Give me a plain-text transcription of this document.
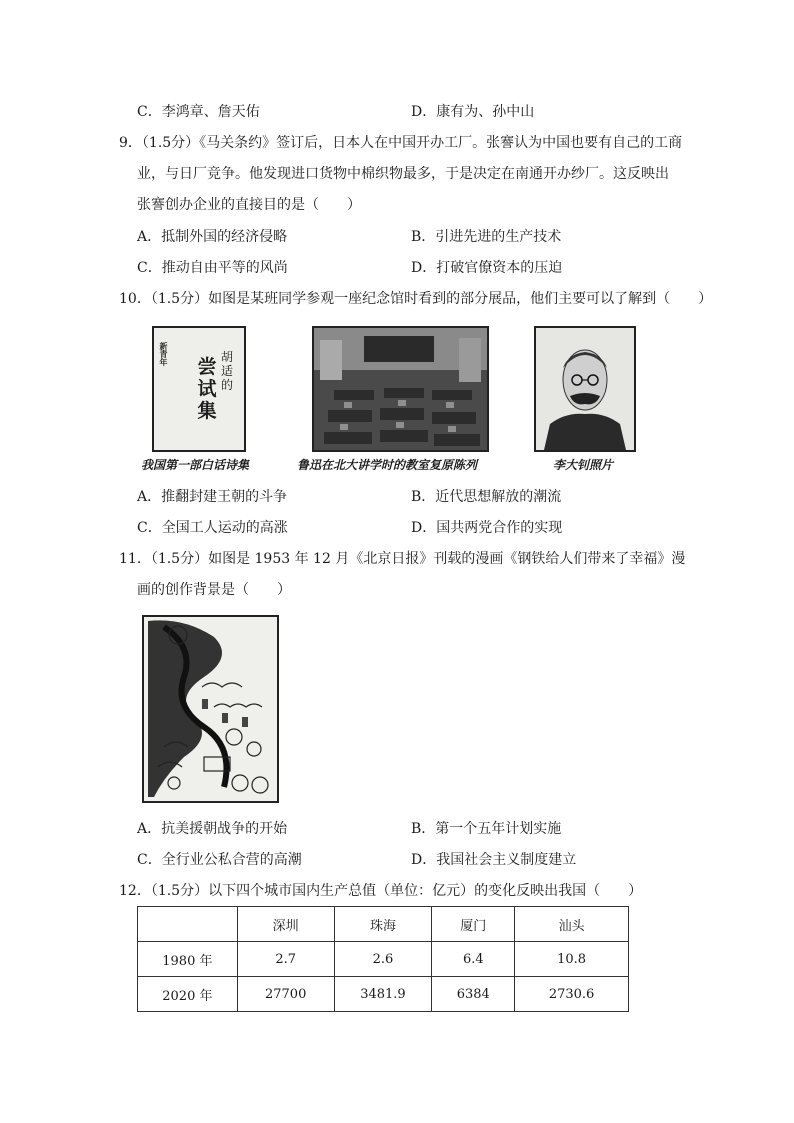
C．李鸿章、詹天佑	D．康有为、孙中山
9．（1.5分）《马关条约》签订后，日本人在中国开办工厂。张謇认为中国也要有自己的工商
业，与日厂竞争。他发现进口货物中棉织物最多，于是决定在南通开办纱厂。这反映出
张謇创办企业的直接目的是（　　）
A．抵制外国的经济侵略	B．引进先进的生产技术
C．推动自由平等的风尚	D．打破官僚资本的压迫
10．（1.5分）如图是某班同学参观一座纪念馆时看到的部分展品，他们主要可以了解到（　　）
新青年
尝试集
胡适的
我国第一部白话诗集	鲁迅在北大讲学时的教室复原陈列	李大钊照片
A．推翻封建王朝的斗争	B．近代思想解放的潮流
C．全国工人运动的高涨	D．国共两党合作的实现
11．（1.5分）如图是 1953 年 12 月《北京日报》刊载的漫画《钢铁给人们带来了幸福》漫
画的创作背景是（　　）
A．抗美援朝战争的开始	B．第一个五年计划实施
C．全行业公私合营的高潮	D．我国社会主义制度建立
12．（1.5分）以下四个城市国内生产总值（单位：亿元）的变化反映出我国（　　）
	深圳	珠海	厦门	汕头
1980 年	2.7	2.6	6.4	10.8
2020 年	27700	3481.9	6384	2730.6
